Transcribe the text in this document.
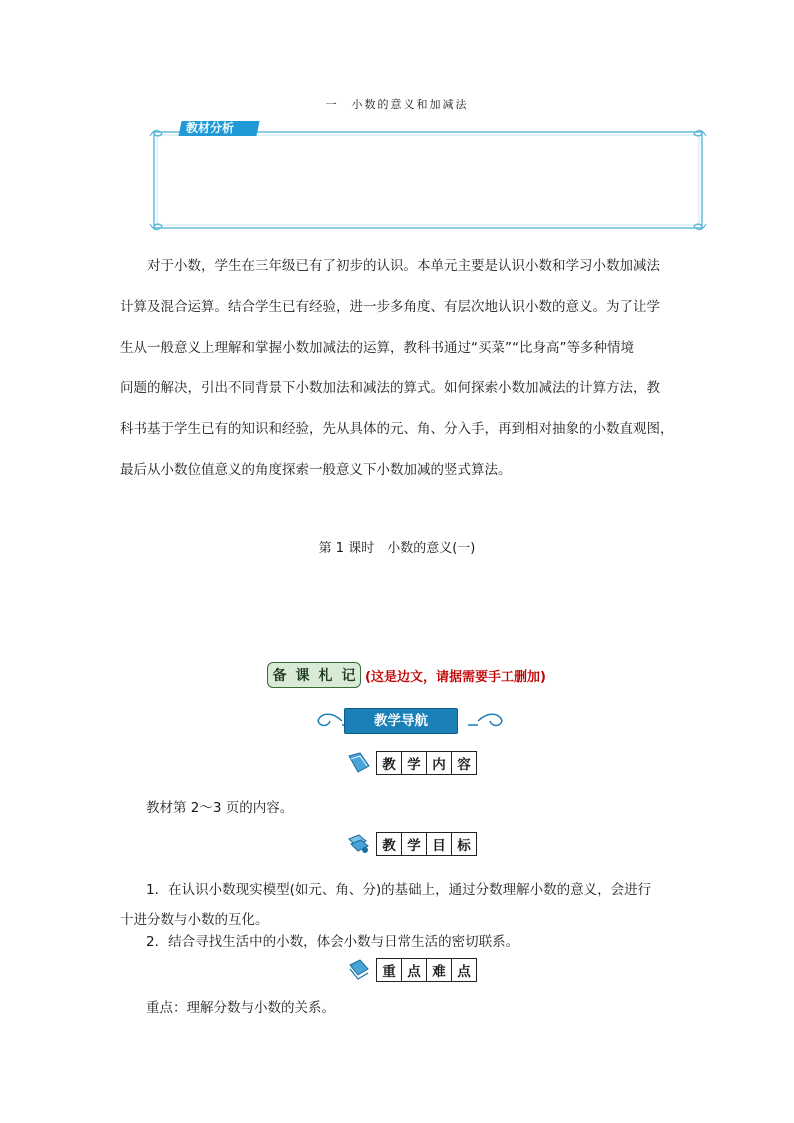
一　小数的意义和加减法
教材分析

对于小数，学生在三年级已有了初步的认识。本单元主要是认识小数和学习小数加减法

计算及混合运算。结合学生已有经验，进一步多角度、有层次地认识小数的意义。为了让学

生从一般意义上理解和掌握小数加减法的运算，教科书通过“买菜”“比身高”等多种情境

问题的解决，引出不同背景下小数加法和减法的算式。如何探索小数加减法的计算方法，教

科书基于学生已有的知识和经验，先从具体的元、角、分入手，再到相对抽象的小数直观图，

最后从小数位值意义的角度探索一般意义下小数加减的竖式算法。

第 1 课时　小数的意义(一)
备 课 札 记 (这是边文，请据需要手工删加)
教学导航
教 学 内 容
教材第 2～3 页的内容。
教 学 目 标
1．在认识小数现实模型(如元、角、分)的基础上，通过分数理解小数的意义，会进行
十进分数与小数的互化。
2．结合寻找生活中的小数，体会小数与日常生活的密切联系。
重 点 难 点
重点：理解分数与小数的关系。
